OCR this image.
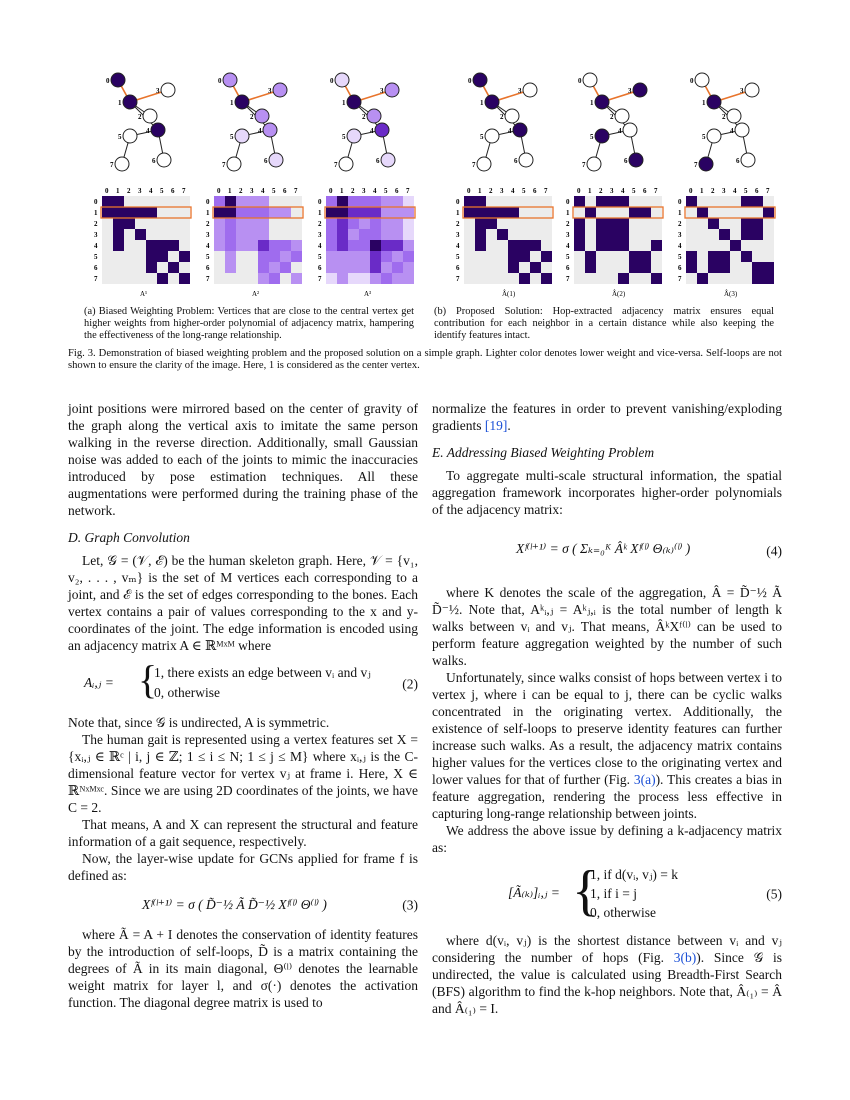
0
1
2
3
4
5
6
7
0
0
1
1
2
2
3
3
4
4
5
5
6
6
7
7
A¹
0
1
2
3
4
5
6
7
0
0
1
1
2
2
3
3
4
4
5
5
6
6
7
7
A²
0
1
2
3
4
5
6
7
0
0
1
1
2
2
3
3
4
4
5
5
6
6
7
7
A³
0
1
2
3
4
5
6
7
0
0
1
1
2
2
3
3
4
4
5
5
6
6
7
7
Â(1)
0
1
2
3
4
5
6
7
0
0
1
1
2
2
3
3
4
4
5
5
6
6
7
7
Â(2)
0
1
2
3
4
5
6
7
0
0
1
1
2
2
3
3
4
4
5
5
6
6
7
7
Â(3)
(a) Biased Weighting Problem: Vertices that are close to the central vertex get higher weights from higher-order polynomial of adjacency matrix, hampering the effectiveness of the long-range relationship.
(b) Proposed Solution: Hop-extracted adjacency matrix ensures equal contribution for each neighbor in a certain distance while also keeping the identify features intact.
Fig. 3. Demonstration of biased weighting problem and the proposed solution on a simple graph. Lighter color denotes lower weight and vice-versa. Self-loops are not shown to ensure the clarity of the image. Here, 1 is considered as the center vertex.

joint positions were mirrored based on the center of gravity of the graph along the vertical axis to imitate the same person walking in the reverse direction. Additionally, small Gaussian noise was added to each of the joints to mimic the inaccuracies introduced by pose estimation techniques. All these augmentations were performed during the training phase of the network.

D. Graph Convolution

Let, 𝒢 = (𝒱, ℰ) be the human skeleton graph. Here, 𝒱 = {v₁, v₂, . . . , vₘ} is the set of M vertices each corresponding to a joint, and ℰ is the set of edges corresponding to the bones. Each vertex contains a pair of values corresponding to the x and y-coordinates of the joint. The edge information is encoded using an adjacency matrix A ∈ ℝᴹˣᴹ where

Aᵢ,ⱼ = {
1, there exists an edge between vᵢ and vⱼ
0, otherwise
(2)

Note that, since 𝒢 is undirected, A is symmetric.

The human gait is represented using a vertex features set X = {xᵢ,ⱼ ∈ ℝᶜ | i, j ∈ ℤ; 1 ≤ i ≤ N; 1 ≤ j ≤ M} where xᵢ,ⱼ is the C-dimensional feature vector for vertex vⱼ at frame i. Here, X ∈ ℝᴺˣᴹˣᶜ. Since we are using 2D coordinates of the joints, we have C = 2.

That means, A and X can represent the structural and feature information of a gait sequence, respectively.

Now, the layer-wise update for GCNs applied for frame f is defined as:

Xᶠ⁽ˡ⁺¹⁾ = σ ( D̃⁻½ Ã D̃⁻½ Xᶠ⁽ˡ⁾ Θ⁽ˡ⁾ )	(3)

where Ã = A + I denotes the conservation of identity features by the introduction of self-loops, D̃ is a matrix containing the degrees of Ã in its main diagonal, Θ⁽ˡ⁾ denotes the learnable weight matrix for layer l, and σ(·) denotes the activation function. The diagonal degree matrix is used to

normalize the features in order to prevent vanishing/exploding gradients [19].

E. Addressing Biased Weighting Problem

To aggregate multi-scale structural information, the spatial aggregation framework incorporates higher-order polynomials of the adjacency matrix:

Xᶠ⁽ˡ⁺¹⁾ = σ ( Σₖ₌₀ᴷ Âᵏ Xᶠ⁽ˡ⁾ Θ₍ₖ₎⁽ˡ⁾ )	(4)

where K denotes the scale of the aggregation, Â = D̃⁻½ Ã D̃⁻½. Note that, Aᵏᵢ,ⱼ = Aᵏⱼ,ᵢ is the total number of length k walks between vᵢ and vⱼ. That means, ÂᵏXᶠ⁽ˡ⁾ can be used to perform feature aggregation weighted by the number of such walks.

Unfortunately, since walks consist of hops between vertex i to vertex j, where i can be equal to j, there can be cyclic walks concentrated in the originating vertex. Additionally, the existence of self-loops to preserve identity features can further increase such walks. As a result, the adjacency matrix contains higher values for the vertices close to the originating vertex and lower values for that of further (Fig. 3(a)). This creates a bias in feature aggregation, rendering the process less effective in capturing long-range relationship between joints.

We address the above issue by defining a k-adjacency matrix as:

[Ã₍ₖ₎]ᵢ,ⱼ = {
1, if d(vᵢ, vⱼ) = k
1, if i = j
0, otherwise
(5)

where d(vᵢ, vⱼ) is the shortest distance between vᵢ and vⱼ considering the number of hops (Fig. 3(b)). Since 𝒢 is undirected, the value is calculated using Breadth-First Search (BFS) algorithm to find the k-hop neighbors. Note that, Â₍₁₎ = Â and Â₍₁₎ = I.
